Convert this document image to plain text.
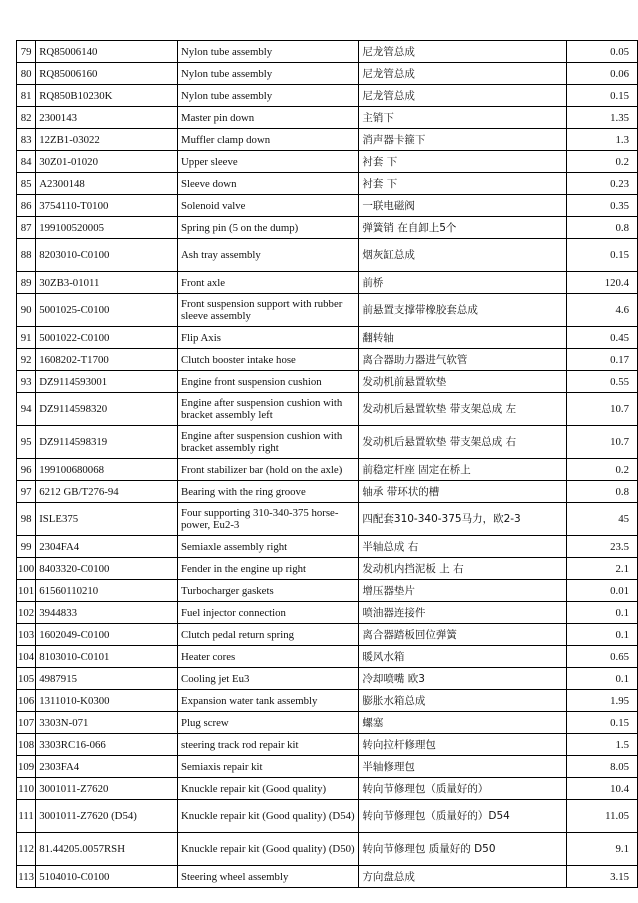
79	RQ85006140	Nylon tube assembly	尼龙管总成	0.05
80	RQ85006160	Nylon tube assembly	尼龙管总成	0.06
81	RQ850B10230K	Nylon tube assembly	尼龙管总成	0.15
82	2300143	Master pin down	主销下	1.35
83	12ZB1-03022	Muffler clamp down	消声器卡箍下	1.3
84	30Z01-01020	Upper sleeve	衬套 下	0.2
85	A2300148	Sleeve down	衬套 下	0.23
86	3754110-T0100	Solenoid valve	一联电磁阀	0.35
87	199100520005	Spring pin (5 on the dump)	弹簧销 在自卸上5个	0.8
88	8203010-C0100	Ash tray assembly	烟灰缸总成	0.15
89	30ZB3-01011	Front axle	前桥	120.4
90	5001025-C0100	Front suspension support with rubber sleeve assembly	前悬置支撑带橡胶套总成	4.6
91	5001022-C0100	Flip Axis	翻转轴	0.45
92	1608202-T1700	Clutch booster intake hose	离合器助力器进气软管	0.17
93	DZ9114593001	Engine front suspension cushion	发动机前悬置软垫	0.55
94	DZ9114598320	Engine after suspension cushion with bracket assembly left	发动机后悬置软垫 带支架总成 左	10.7
95	DZ9114598319	Engine after suspension cushion with bracket assembly right	发动机后悬置软垫 带支架总成 右	10.7
96	199100680068	Front stabilizer bar (hold on the axle)	前稳定杆座 固定在桥上	0.2
97	6212 GB/T276-94	Bearing with the ring groove	轴承 带环状的槽	0.8
98	ISLE375	Four supporting 310-340-375 horse-power, Eu2-3	四配套310-340-375马力，欧2-3	45
99	2304FA4	Semiaxle assembly right	半轴总成 右	23.5
100	8403320-C0100	Fender in the engine up right	发动机内挡泥板 上 右	2.1
101	61560110210	Turbocharger gaskets	增压器垫片	0.01
102	3944833	Fuel injector connection	喷油器连接件	0.1
103	1602049-C0100	Clutch pedal return spring	离合器踏板回位弹簧	0.1
104	8103010-C0101	Heater cores	暖风水箱	0.65
105	4987915	Cooling jet Eu3	冷却喷嘴 欧3	0.1
106	1311010-K0300	Expansion water tank assembly	膨胀水箱总成	1.95
107	3303N-071	Plug screw	螺塞	0.15
108	3303RC16-066	steering track rod repair kit	转向拉杆修理包	1.5
109	2303FA4	Semiaxis repair kit	半轴修理包	8.05
110	3001011-Z7620	Knuckle repair kit (Good quality)	转向节修理包（质量好的）	10.4
111	3001011-Z7620 (D54)	Knuckle repair kit (Good quality) (D54)	转向节修理包（质量好的）D54	11.05
112	81.44205.0057RSH	Knuckle repair kit (Good quality) (D50)	转向节修理包 质量好的 D50	9.1
113	5104010-C0100	Steering wheel assembly	方向盘总成	3.15
